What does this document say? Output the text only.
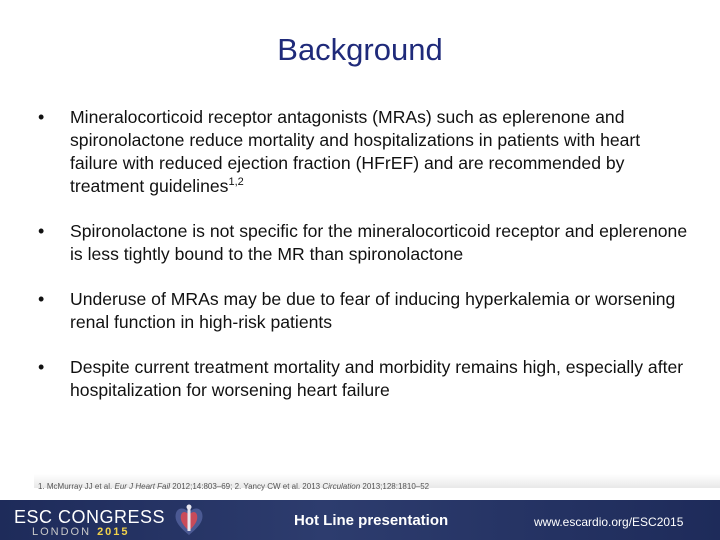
Background
• Mineralocorticoid receptor antagonists (MRAs) such as eplerenone and spironolactone reduce mortality and hospitalizations in patients with heart failure with reduced ejection fraction (HFrEF) and are recommended by treatment guidelines$^{1,2}$
• Spironolactone is not specific for the mineralocorticoid receptor and eplerenone is less tightly bound to the MR than spironolactone
• Underuse of MRAs may be due to fear of inducing hyperkalemia or worsening renal function in high-risk patients
• Despite current treatment mortality and morbidity remains high, especially after hospitalization for worsening heart failure
1. McMurray JJ et al. Eur J Heart Fail 2012;14:803–69; 2. Yancy CW et al. 2013 Circulation 2013;128:1810–52
ESC CONGRESS
LONDON 2015
Hot Line presentation	www.escardio.org/ESC2015
